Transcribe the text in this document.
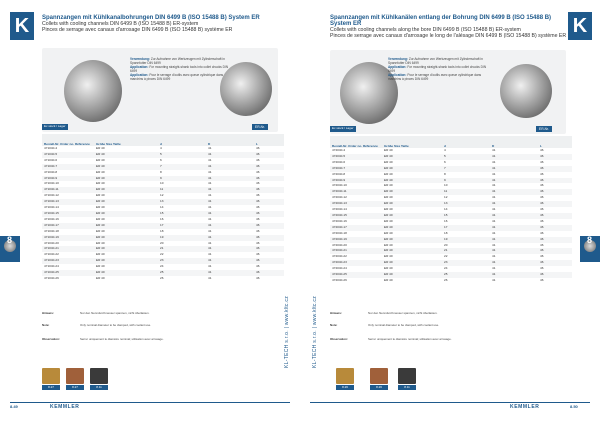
K	Spannzangen mit Kühlkanalbohrungen DIN 6499 B (ISO 15488 B) System ER
Collets with cooling channels DIN 6499 B (ISO 15488 B) ER-system
Pinces de serrage avec canaux d'arrosage DIN 6499 B (ISO 15488 B) système ER
Verwendung: Zur Aufnahme von Werkzeugen mit Zylinderschaft in Spannfutter DIN 6499
Application: For mounting straight-shank tools into collet chucks DIN 6499
Application: Pour le serrage d'outils avec queue cylindrique dans mandrins à pinces DIN 6499
Ex stock / Lager	ER-Nr.
Bestell-Nr. Order no. Référence	Größe Size Taille	d	D	L
471040-4	ER 40	4	41	46
471040-5	ER 40	5	41	46
471040-6	ER 40	6	41	46
471040-7	ER 40	7	41	46
471040-8	ER 40	8	41	46
471040-9	ER 40	9	41	46
471040-10	ER 40	10	41	46
471040-11	ER 40	11	41	46
471040-12	ER 40	12	41	46
471040-13	ER 40	13	41	46
471040-14	ER 40	14	41	46
471040-15	ER 40	15	41	46
471040-16	ER 40	16	41	46
471040-17	ER 40	17	41	46
471040-18	ER 40	18	41	46
471040-19	ER 40	19	41	46
471040-20	ER 40	20	41	46
471040-21	ER 40	21	41	46
471040-22	ER 40	22	41	46
471040-23	ER 40	23	41	46
471040-24	ER 40	24	41	46
471040-25	ER 40	25	41	46
471040-26	ER 40	26	41	46
Hinweis:	Nur den Nenndurchmesser spannen, nicht überlasten.
Note:	Only nominal diameter to be clamped, with coolant use.
Observation:	Serrer uniquement le diamètre nominal; utilisation avec arrosage.
8.27	8.27	8.11
8.49	KEMMLER
8
KL-TECH s.r.o. | www.kltc.cz
K
Spannzangen mit Kühlkanälen entlang der Bohrung DIN 6499 B (ISO 15488 B) System ER
Collets with cooling channels along the bore DIN 6499 B (ISO 15488 B) ER-system
Pinces de serrage avec canaux d'arrosage le long de l'alésage DIN 6499 B (ISO 15488 B) système ER
Verwendung: Zur Aufnahme von Werkzeugen mit Zylinderschaft in Spannfutter DIN 6499
Application: For mounting straight-shank tools into collet chucks DIN 6499
Application: Pour le serrage d'outils avec queue cylindrique dans mandrins à pinces DIN 6499
Ex stock / Lager	ER-Nr.
Bestell-Nr. Order no. Référence	Größe Size Taille	d	D	L
472040-4	ER 40	4	41	46
472040-5	ER 40	5	41	46
472040-6	ER 40	6	41	46
472040-7	ER 40	7	41	46
472040-8	ER 40	8	41	46
472040-9	ER 40	9	41	46
472040-10	ER 40	10	41	46
472040-11	ER 40	11	41	46
472040-12	ER 40	12	41	46
472040-13	ER 40	13	41	46
472040-14	ER 40	14	41	46
472040-15	ER 40	15	41	46
472040-16	ER 40	16	41	46
472040-17	ER 40	17	41	46
472040-18	ER 40	18	41	46
472040-19	ER 40	19	41	46
472040-20	ER 40	20	41	46
472040-21	ER 40	21	41	46
472040-22	ER 40	22	41	46
472040-23	ER 40	23	41	46
472040-24	ER 40	24	41	46
472040-25	ER 40	25	41	46
472040-26	ER 40	26	41	46
Hinweis:	Nur den Nenndurchmesser spannen, nicht überlasten.
Note:	Only nominal diameter to be clamped, with coolant use.
Observation:	Serrer uniquement le diamètre nominal; utilisation avec arrosage.
8.26	8.26	8.11
KEMMLER	8.50
8
KL-TECH s.r.o. | www.kltc.cz
